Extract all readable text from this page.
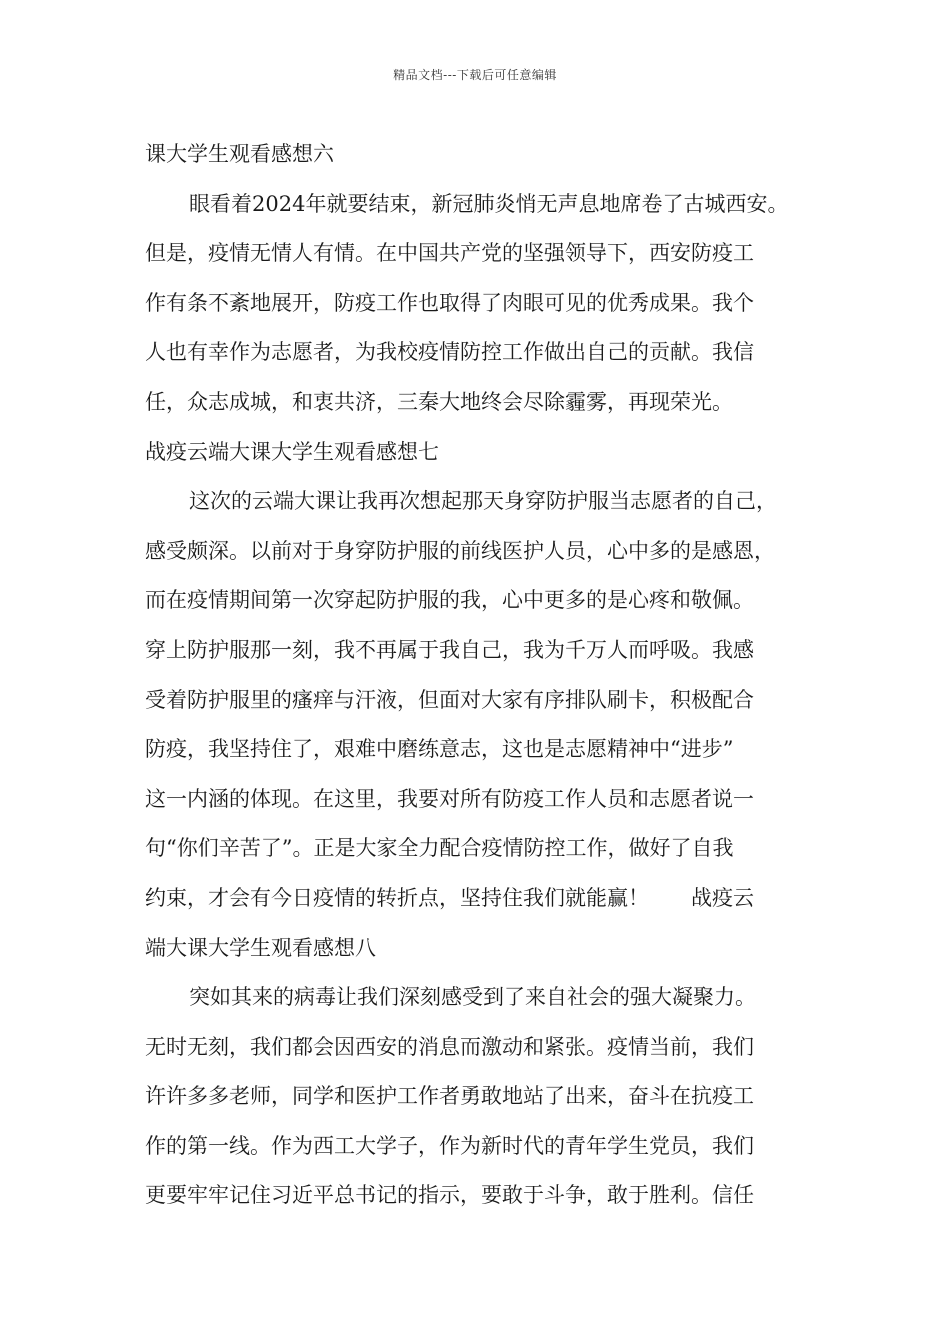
精品文档---下载后可任意编辑
课大学生观看感想六
眼看着2024年就要结束，新冠肺炎悄无声息地席卷了古城西安。
但是，疫情无情人有情。在中国共产党的坚强领导下，西安防疫工
作有条不紊地展开，防疫工作也取得了肉眼可见的优秀成果。我个
人也有幸作为志愿者，为我校疫情防控工作做出自己的贡献。我信
任，众志成城，和衷共济，三秦大地终会尽除霾雾，再现荣光。
战疫云端大课大学生观看感想七
这次的云端大课让我再次想起那天身穿防护服当志愿者的自己，
感受颇深。以前对于身穿防护服的前线医护人员，心中多的是感恩，
而在疫情期间第一次穿起防护服的我，心中更多的是心疼和敬佩。
穿上防护服那一刻，我不再属于我自己，我为千万人而呼吸。我感
受着防护服里的瘙痒与汗液，但面对大家有序排队刷卡，积极配合
防疫，我坚持住了，艰难中磨练意志，这也是志愿精神中“进步”
这一内涵的体现。在这里，我要对所有防疫工作人员和志愿者说一
句“你们辛苦了”。正是大家全力配合疫情防控工作，做好了自我
约束，才会有今日疫情的转折点，坚持住我们就能赢！　　战疫云
端大课大学生观看感想八
突如其来的病毒让我们深刻感受到了来自社会的强大凝聚力。
无时无刻，我们都会因西安的消息而激动和紧张。疫情当前，我们
许许多多老师，同学和医护工作者勇敢地站了出来，奋斗在抗疫工
作的第一线。作为西工大学子，作为新时代的青年学生党员，我们
更要牢牢记住习近平总书记的指示，要敢于斗争，敢于胜利。信任
